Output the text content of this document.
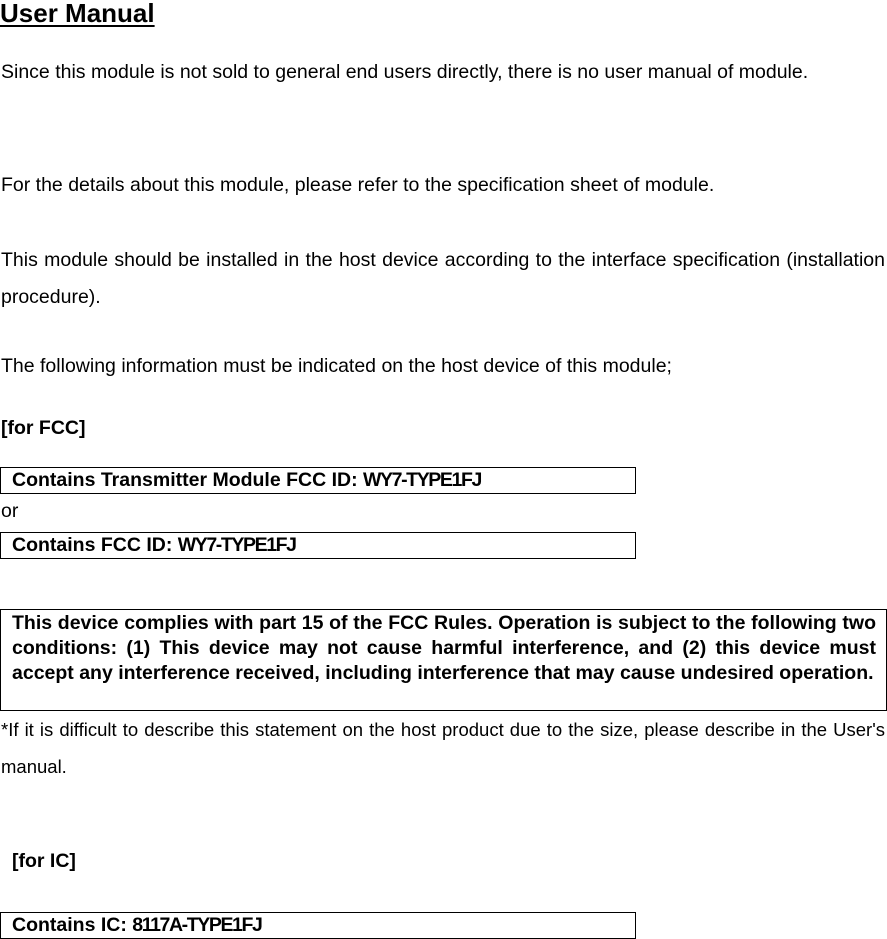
User Manual
Since this module is not sold to general end users directly, there is no user manual of module.
For the details about this module, please refer to the specification sheet of module.
This module should be installed in the host device according to the interface specification (installation procedure).
The following information must be indicated on the host device of this module;
[for FCC]
Contains Transmitter Module FCC ID: WY7-TYPE1FJ
or
Contains FCC ID: WY7-TYPE1FJ
This device complies with part 15 of the FCC Rules. Operation is subject to the following two conditions: (1) This device may not cause harmful interference, and (2) this device must accept any interference received, including interference that may cause undesired operation.
*If it is difficult to describe this statement on the host product due to the size, please describe in the User's manual.
[for IC]
Contains IC: 8117A-TYPE1FJ
